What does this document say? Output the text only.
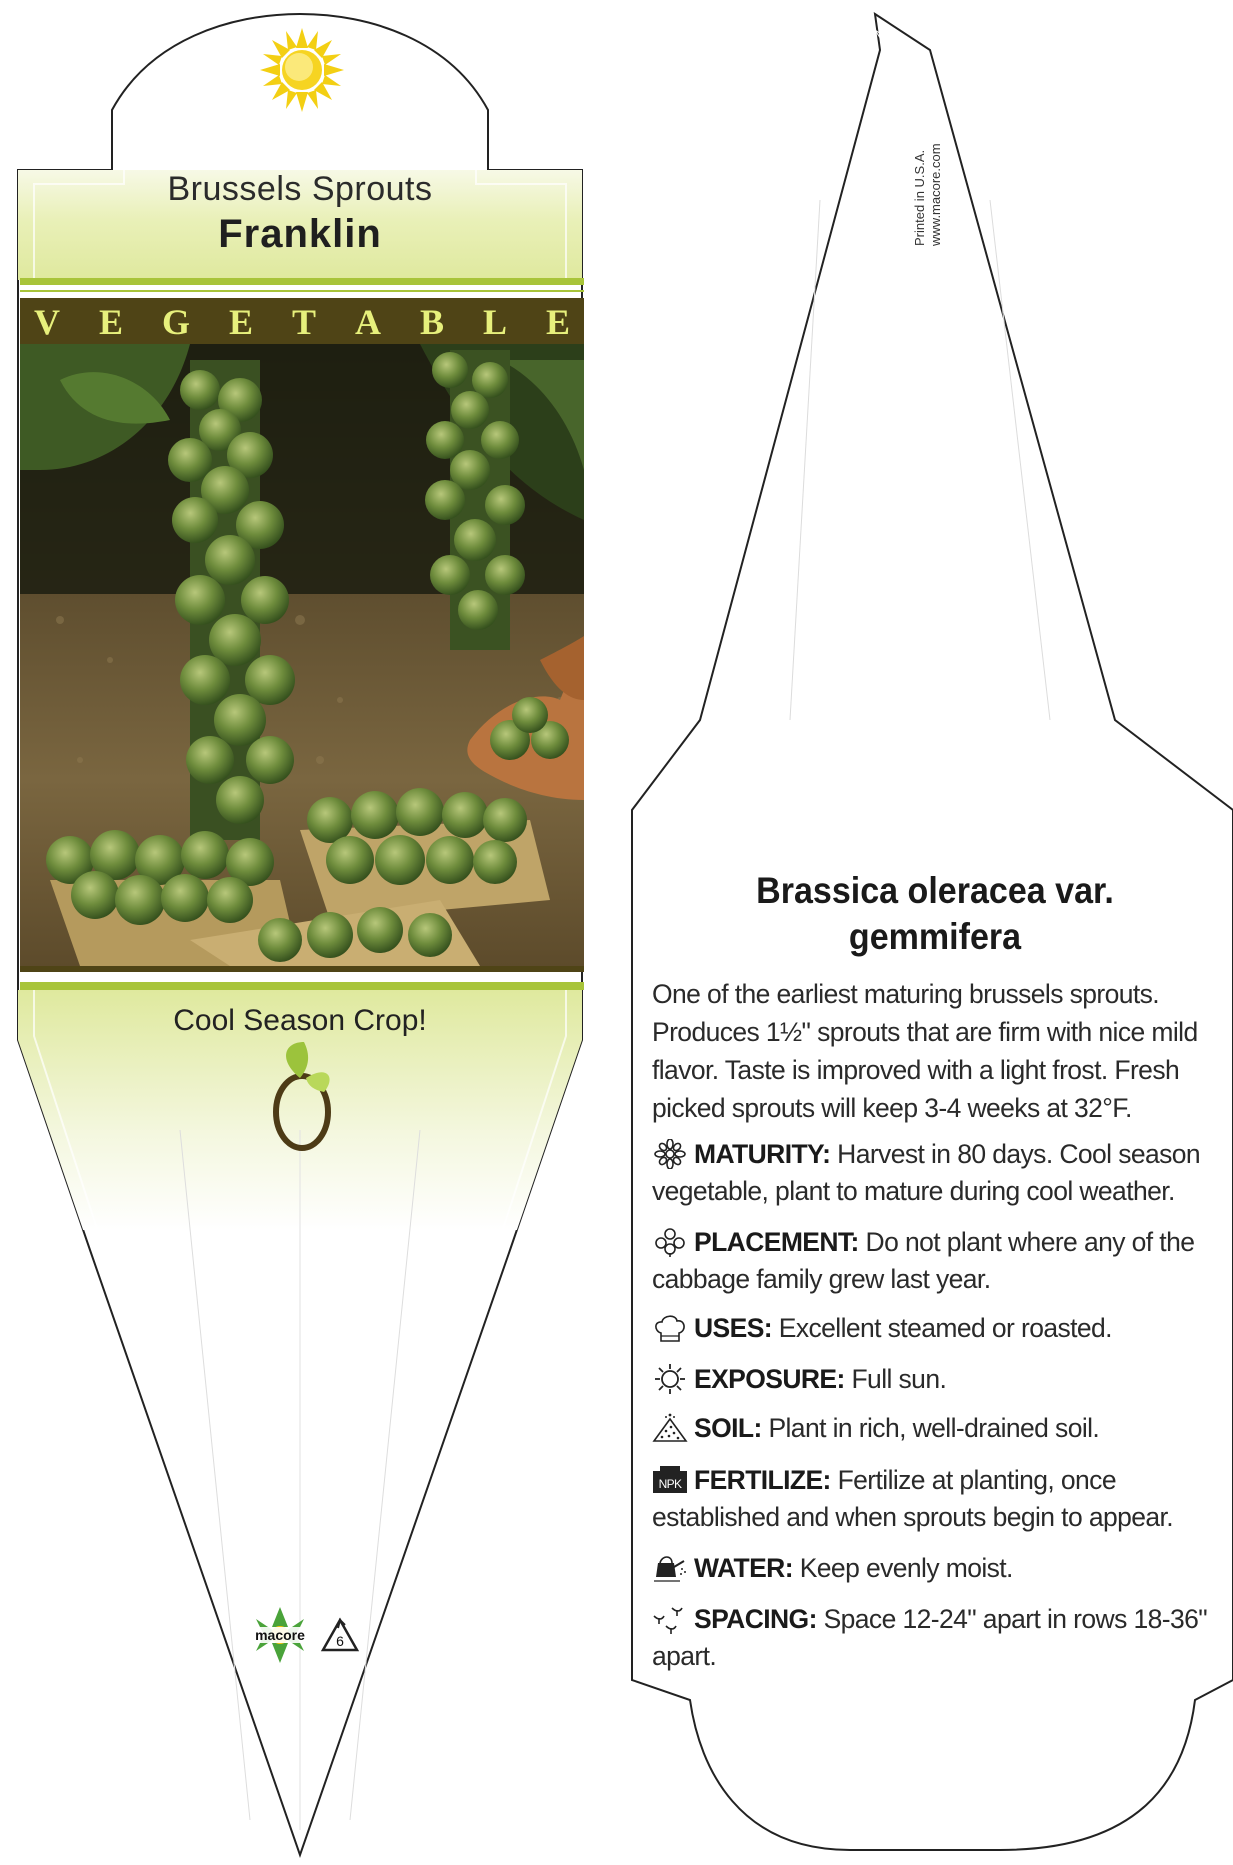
macore 6
Brussels Sprouts
Franklin
V E G E T A B L E
Cool Season Crop!
Printed in U.S.A. www.macore.com
Brassica oleracea var.
gemmifera
One of the earliest maturing brussels sprouts. Produces 1½" sprouts that are firm with nice mild flavor. Taste is improved with a light frost. Fresh picked sprouts will keep 3-4 weeks at 32°F.
MATURITY: Harvest in 80 days. Cool season vegetable, plant to mature during cool weather.
PLACEMENT: Do not plant where any of the cabbage family grew last year.
USES: Excellent steamed or roasted.
EXPOSURE: Full sun.
SOIL: Plant in rich, well-drained soil.
NPK FERTILIZE: Fertilize at planting, once established and when sprouts begin to appear.
WATER: Keep evenly moist.
SPACING: Space 12-24" apart in rows 18-36" apart.
